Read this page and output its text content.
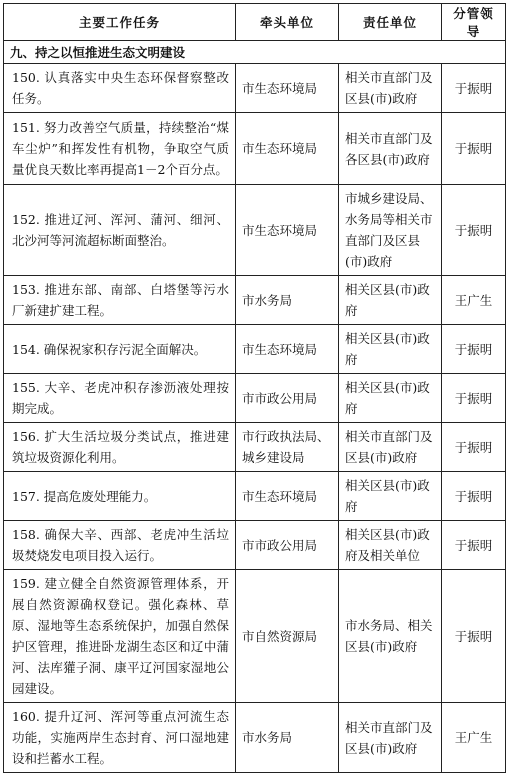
主要工作任务	牵头单位	责任单位	分管领导
九、持之以恒推进生态文明建设			
150. 认真落实中央生态环保督察整改任务。	市生态环境局	相关市直部门及区县(市)政府	于振明
151. 努力改善空气质量，持续整治“煤车尘炉”和挥发性有机物，争取空气质量优良天数比率再提高1－2个百分点。	市生态环境局	相关市直部门及各区县(市)政府	于振明
152. 推进辽河、浑河、蒲河、细河、北沙河等河流超标断面整治。	市生态环境局	市城乡建设局、水务局等相关市直部门及区县(市)政府	于振明
153. 推进东部、南部、白塔堡等污水厂新建扩建工程。	市水务局	相关区县(市)政府	王广生
154. 确保祝家积存污泥全面解决。	市生态环境局	相关区县(市)政府	于振明
155. 大辛、老虎冲积存渗沥液处理按期完成。	市市政公用局	相关区县(市)政府	于振明
156. 扩大生活垃圾分类试点，推进建筑垃圾资源化利用。	市行政执法局、城乡建设局	相关市直部门及区县(市)政府	于振明
157. 提高危废处理能力。	市生态环境局	相关区县(市)政府	于振明
158. 确保大辛、西部、老虎冲生活垃圾焚烧发电项目投入运行。	市市政公用局	相关区县(市)政府及相关单位	于振明
159. 建立健全自然资源管理体系，开展自然资源确权登记。强化森林、草原、湿地等生态系统保护，加强自然保护区管理，推进卧龙湖生态区和辽中蒲河、法库獾子洞、康平辽河国家湿地公园建设。	市自然资源局	市水务局、相关区县(市)政府	于振明
160. 提升辽河、浑河等重点河流生态功能，实施两岸生态封育、河口湿地建设和拦蓄水工程。	市水务局	相关市直部门及区县(市)政府	王广生
